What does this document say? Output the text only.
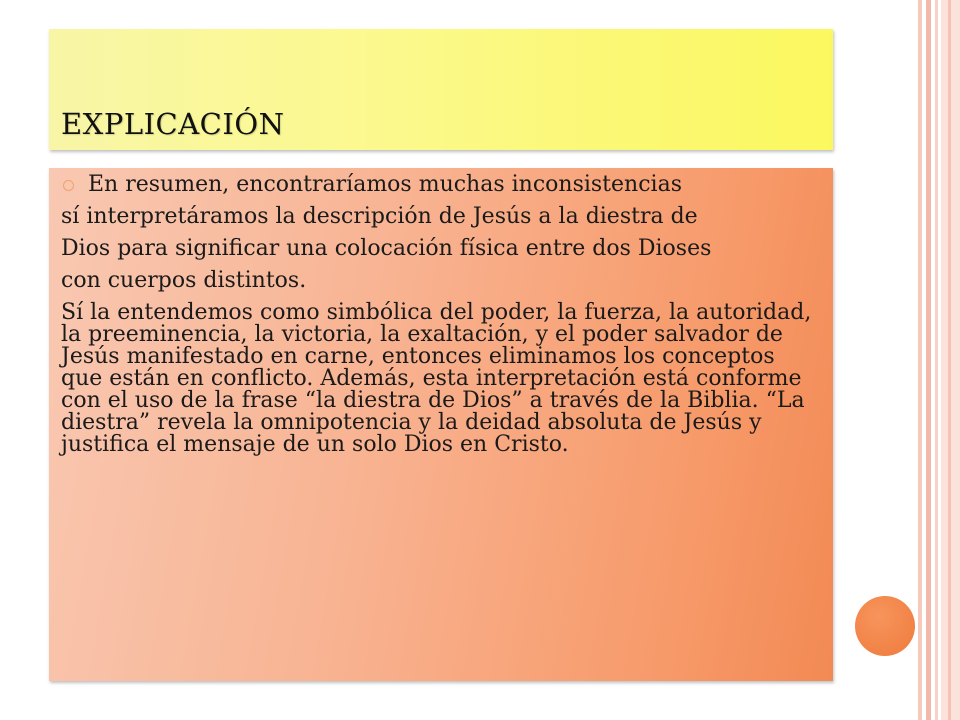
EXPLICACIÓN
En resumen, encontraríamos muchas inconsistencias

sí interpretáramos la descripción de Jesús a la diestra de

Dios para significar una colocación física entre dos Dioses

con cuerpos distintos.

Sí la entendemos como simbólica del poder, la fuerza, la autoridad, la preeminencia, la victoria, la exaltación, y el poder salvador de Jesús manifestado en carne, entonces eliminamos los conceptos que están en conflicto. Además, esta interpretación está conforme con el uso de la frase “la diestra de Dios” a través de la Biblia. “La diestra” revela la omnipotencia y la deidad absoluta de Jesús y justifica el mensaje de un solo Dios en Cristo.
